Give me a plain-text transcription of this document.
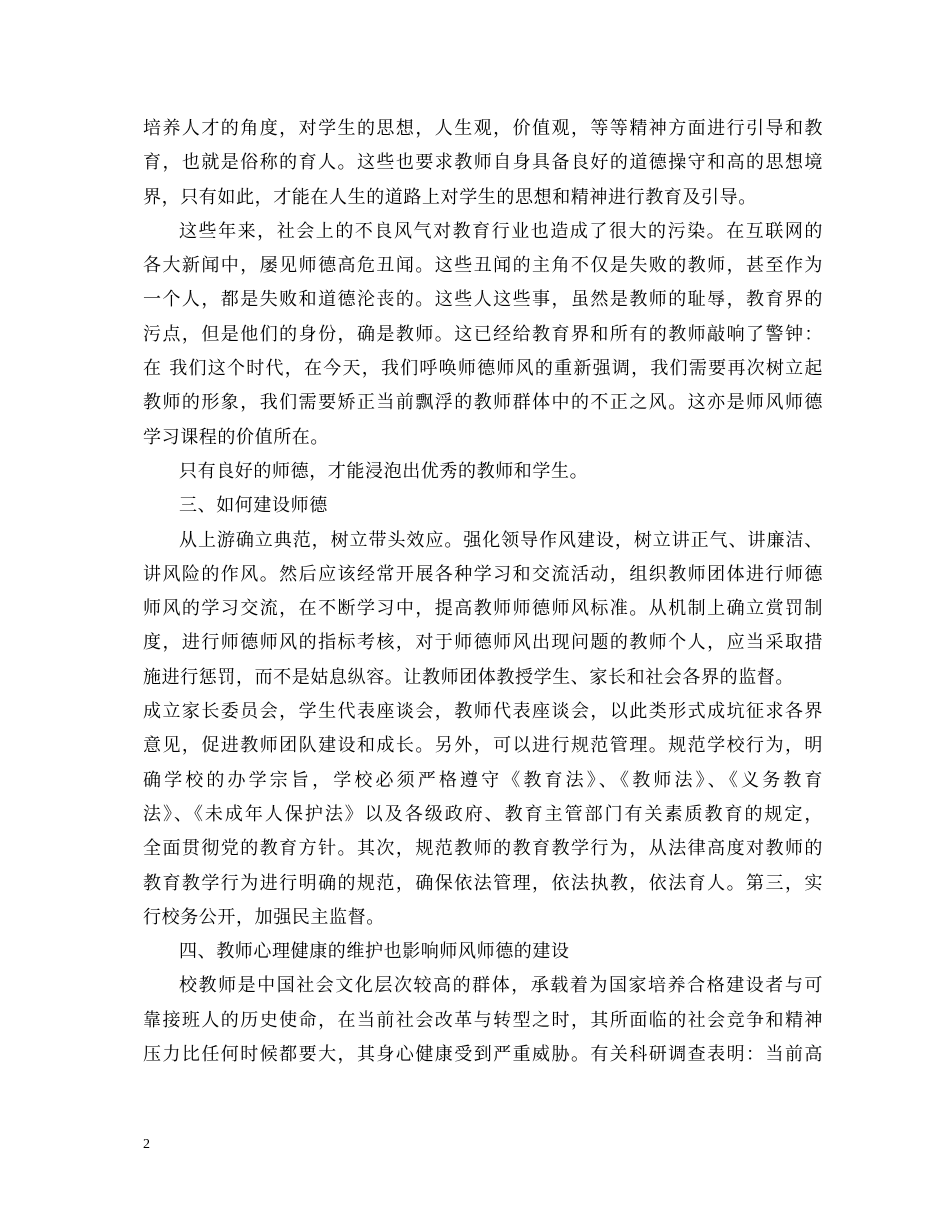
培养人才的角度，对学生的思想，人生观，价值观，等等精神方面进行引导和教
育，也就是俗称的育人。这些也要求教师自身具备良好的道德操守和高的思想境
界，只有如此，才能在人生的道路上对学生的思想和精神进行教育及引导。
这些年来，社会上的不良风气对教育行业也造成了很大的污染。在互联网的
各大新闻中，屡见师德高危丑闻。这些丑闻的主角不仅是失败的教师，甚至作为
一个人，都是失败和道德沦丧的。这些人这些事，虽然是教师的耻辱，教育界的
污点，但是他们的身份，确是教师。这已经给教育界和所有的教师敲响了警钟：
在 我们这个时代，在今天，我们呼唤师德师风的重新强调，我们需要再次树立起
教师的形象，我们需要矫正当前飘浮的教师群体中的不正之风。这亦是师风师德
学习课程的价值所在。
只有良好的师德，才能浸泡出优秀的教师和学生。
三、如何建设师德
从上游确立典范，树立带头效应。强化领导作风建设，树立讲正气、讲廉洁、
讲风险的作风。然后应该经常开展各种学习和交流活动，组织教师团体进行师德
师风的学习交流，在不断学习中，提高教师师德师风标准。从机制上确立赏罚制
度，进行师德师风的指标考核，对于师德师风出现问题的教师个人，应当采取措
施进行惩罚，而不是姑息纵容。让教师团体教授学生、家长和社会各界的监督。
成立家长委员会，学生代表座谈会，教师代表座谈会，以此类形式成坑征求各界
意见，促进教师团队建设和成长。另外，可以进行规范管理。规范学校行为，明
确学校的办学宗旨，学校必须严格遵守《教育法》、《教师法》、《义务教育
法》、《未成年人保护法》以及各级政府、教育主管部门有关素质教育的规定，
全面贯彻党的教育方针。其次，规范教师的教育教学行为，从法律高度对教师的
教育教学行为进行明确的规范，确保依法管理，依法执教，依法育人。第三，实
行校务公开，加强民主监督。
四、教师心理健康的维护也影响师风师德的建设
校教师是中国社会文化层次较高的群体，承载着为国家培养合格建设者与可
靠接班人的历史使命，在当前社会改革与转型之时，其所面临的社会竞争和精神
压力比任何时候都要大，其身心健康受到严重威胁。有关科研调查表明：当前高
2
